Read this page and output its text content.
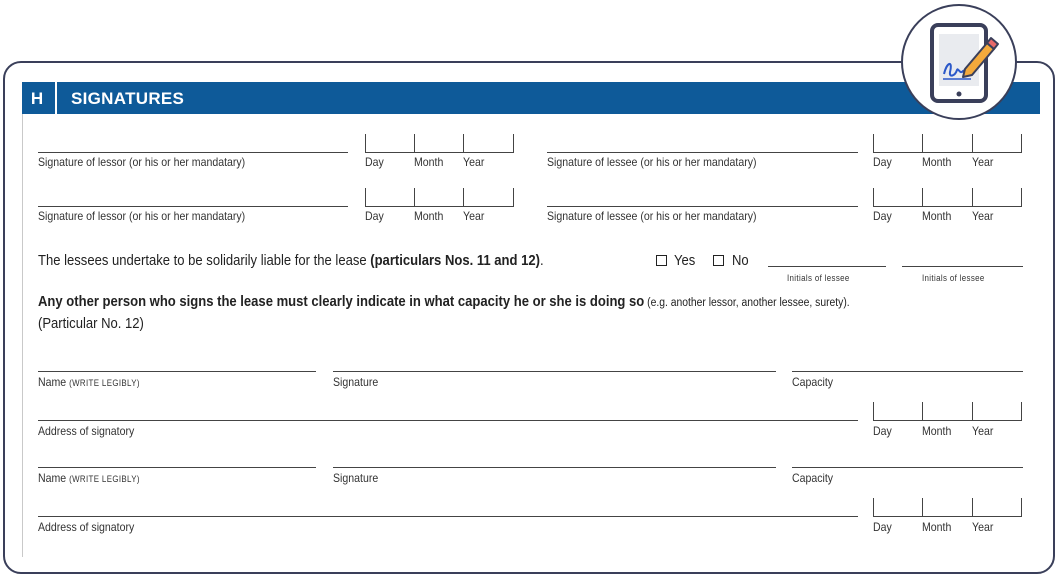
H	SIGNATURES
Signature of lessor (or his or her mandatary)	Day	Month Year	Signature of lessee (or his or her mandatary)	Day	Month Year
Signature of lessor (or his or her mandatary)	Day	Month Year	Signature of lessee (or his or her mandatary)	Day	Month Year
The lessees undertake to be solidarily liable for the lease (particulars Nos. 11 and 12).	Yes	No
Initials of lessee	Initials of lessee
Any other person who signs the lease must clearly indicate in what capacity he or she is doing so (e.g. another lessor, another lessee, surety).
(Particular No. 12)
Name (WRITE LEGIBLY)	Signature	Capacity
Address of signatory	Day	Month Year
Name (WRITE LEGIBLY)	Signature	Capacity
Address of signatory	Day	Month Year
